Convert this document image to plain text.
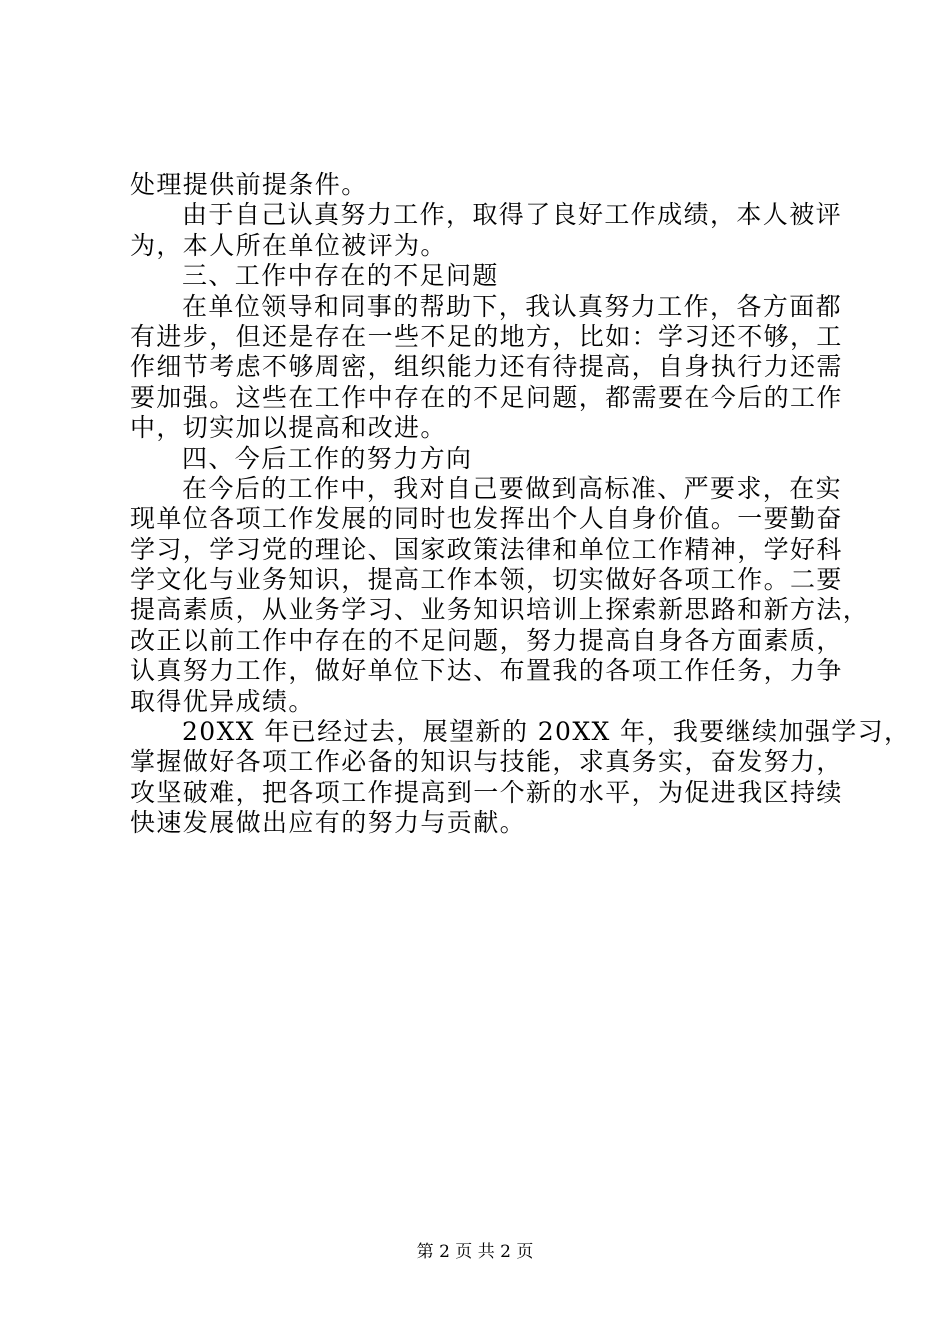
处理提供前提条件。
由于自己认真努力工作，取得了良好工作成绩，本人被评
为，本人所在单位被评为。
三、工作中存在的不足问题
在单位领导和同事的帮助下，我认真努力工作，各方面都
有进步，但还是存在一些不足的地方，比如：学习还不够，工
作细节考虑不够周密，组织能力还有待提高，自身执行力还需
要加强。这些在工作中存在的不足问题，都需要在今后的工作
中，切实加以提高和改进。
四、今后工作的努力方向
在今后的工作中，我对自己要做到高标准、严要求，在实
现单位各项工作发展的同时也发挥出个人自身价值。一要勤奋
学习，学习党的理论、国家政策法律和单位工作精神，学好科
学文化与业务知识，提高工作本领，切实做好各项工作。二要
提高素质，从业务学习、业务知识培训上探索新思路和新方法，
改正以前工作中存在的不足问题，努力提高自身各方面素质，
认真努力工作，做好单位下达、布置我的各项工作任务，力争
取得优异成绩。
20XX 年已经过去，展望新的 20XX 年，我要继续加强学习，
掌握做好各项工作必备的知识与技能，求真务实，奋发努力，
攻坚破难，把各项工作提高到一个新的水平，为促进我区持续
快速发展做出应有的努力与贡献。
第 2 页 共 2 页
